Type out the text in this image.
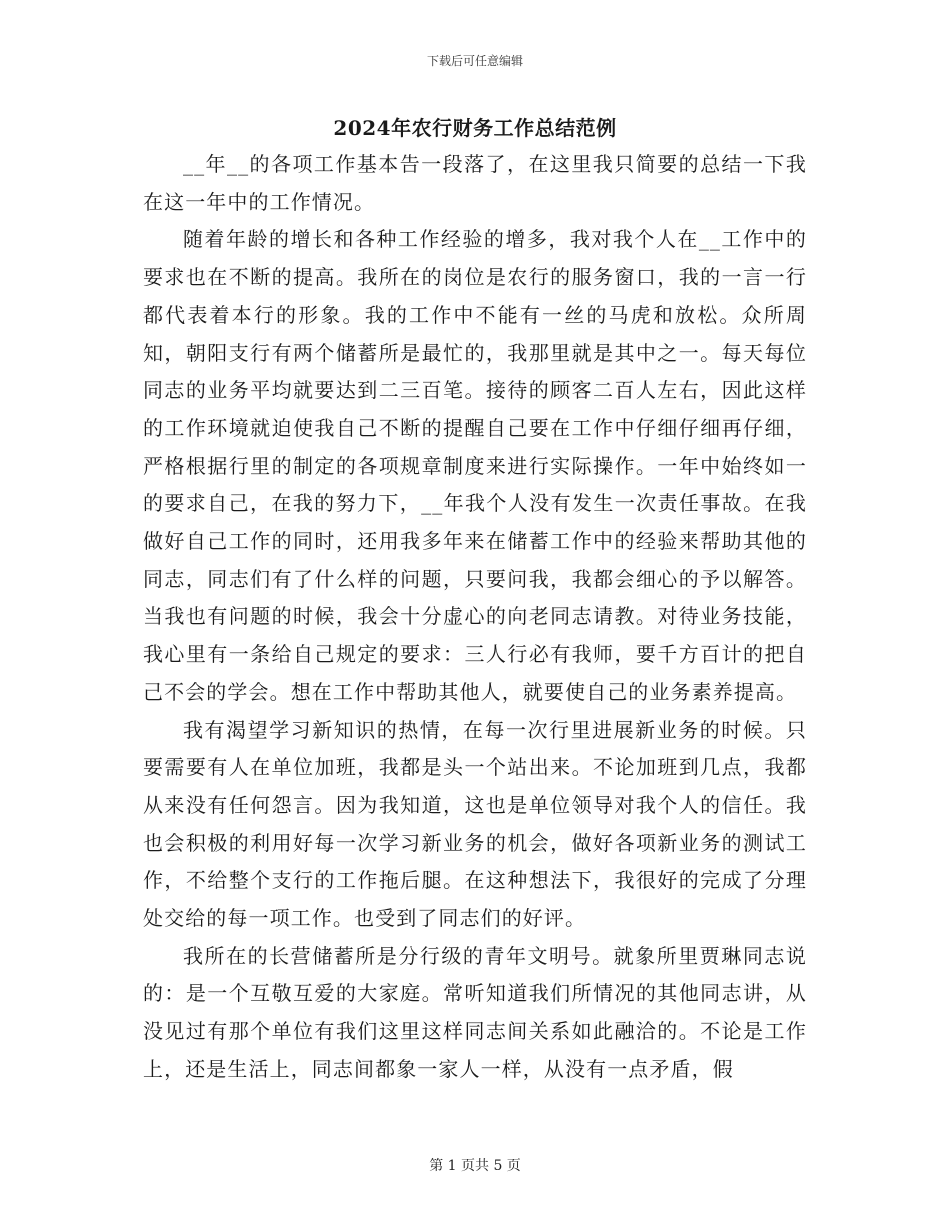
下载后可任意编辑
2024年农行财务工作总结范例

__年__的各项工作基本告一段落了，在这里我只简要的总结一下我在这一年中的工作情况。

随着年龄的增长和各种工作经验的增多，我对我个人在__工作中的要求也在不断的提高。我所在的岗位是农行的服务窗口，我的一言一行都代表着本行的形象。我的工作中不能有一丝的马虎和放松。众所周知，朝阳支行有两个储蓄所是最忙的，我那里就是其中之一。每天每位同志的业务平均就要达到二三百笔。接待的顾客二百人左右，因此这样的工作环境就迫使我自己不断的提醒自己要在工作中仔细仔细再仔细，严格根据行里的制定的各项规章制度来进行实际操作。一年中始终如一的要求自己，在我的努力下，__年我个人没有发生一次责任事故。在我做好自己工作的同时，还用我多年来在储蓄工作中的经验来帮助其他的同志，同志们有了什么样的问题，只要问我，我都会细心的予以解答。当我也有问题的时候，我会十分虚心的向老同志请教。对待业务技能，我心里有一条给自己规定的要求：三人行必有我师，要千方百计的把自己不会的学会。想在工作中帮助其他人，就要使自己的业务素养提高。

我有渴望学习新知识的热情，在每一次行里进展新业务的时候。只要需要有人在单位加班，我都是头一个站出来。不论加班到几点，我都从来没有任何怨言。因为我知道，这也是单位领导对我个人的信任。我也会积极的利用好每一次学习新业务的机会，做好各项新业务的测试工作，不给整个支行的工作拖后腿。在这种想法下，我很好的完成了分理处交给的每一项工作。也受到了同志们的好评。

我所在的长营储蓄所是分行级的青年文明号。就象所里贾琳同志说的：是一个互敬互爱的大家庭。常听知道我们所情况的其他同志讲，从没见过有那个单位有我们这里这样同志间关系如此融洽的。不论是工作上，还是生活上，同志间都象一家人一样，从没有一点矛盾，假

第 1 页共 5 页
